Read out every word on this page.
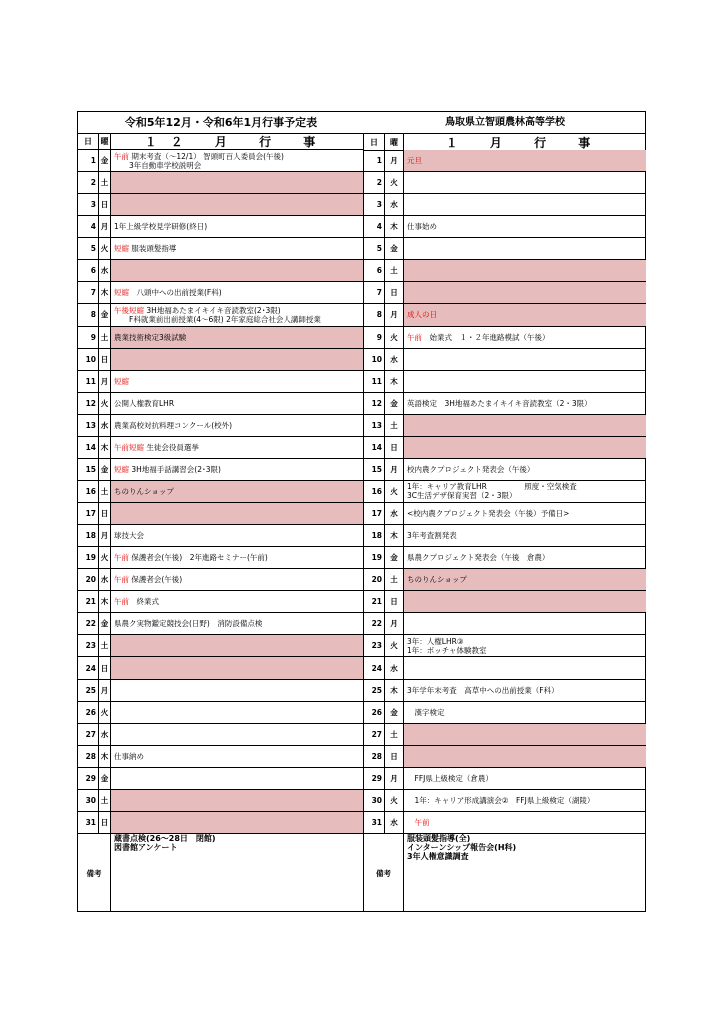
令和5年12月・令和6年1月行事予定表	鳥取県立智頭農林高等学校
日	曜	１２ 月 行 事	日	曜	１ 月 行 事
1 金 午前 期末考査（～12/1） 智頭町百人委員会(午後)
　　3年自動車学校説明会
2 土
3 日
4 月 1年上級学校見学研修(終日)
5 火 短縮 服装頭髪指導
6 水
7 木 短縮　八頭中への出前授業(F科)
8 金 午後短縮 3H地福あたまイキイキ音読教室(2･3限)
　　F科就業前出前授業(4～6限) 2年家庭総合社会人講師授業
9 土 農業技術検定3級試験
10 日
11 月 短縮
12 火 公開人権教育LHR
13 水 農業高校対抗料理コンクール(校外)
14 木 午前短縮 生徒会役員選挙
15 金 短縮 3H地福手話講習会(2･3限)
16 土 ちのりんショップ
17 日
18 月 球技大会
19 火 午前 保護者会(午後)　2年進路セミナー(午前)
20 水 午前 保護者会(午後)
21 木 午前　終業式
22 金 県農ク実物鑑定競技会(日野)　消防設備点検
23 土
24 日
25 月
26 火
27 水
28 木 仕事納め
29 金
30 土
31 日
1	月	元旦
2	火
3	水
4	木	仕事始め
5	金
6	土
7	日
8	月	成人の日
9	火	午前　始業式　１・２年進路模試（午後）
10	水
11	木
12	金	英語検定　3H地福あたまイキイキ音読教室（2・3限）
13	土
14	日
15	月	校内農クプロジェクト発表会（午後）
16	火	1年：キャリア教育LHR　　　　　照度・空気検査
3C生活デザ保育実習（2・3限）
17	水	<校内農クプロジェクト発表会（午後）予備日>
18	木	3年考査割発表
19	金	県農クプロジェクト発表会（午後　倉農）
20	土	ちのりんショップ
21	日
22	月
23	火	3年：人権LHR③
1年：ボッチャ体験教室
24	水
25	木	3年学年末考査　高草中への出前授業（F科）
26	金	　漢字検定
27	土
28	日
29	月	　FFJ県上級検定（倉農）
30	火	　1年：キャリア形成講演会②　FFJ県上級検定（湖陵）
31	水	　午前
備考
蔵書点検(26～28日　閉館)
図書館アンケート
備考
服装頭髪指導(全)
インターンシップ報告会(H科)
3年人権意識調査
